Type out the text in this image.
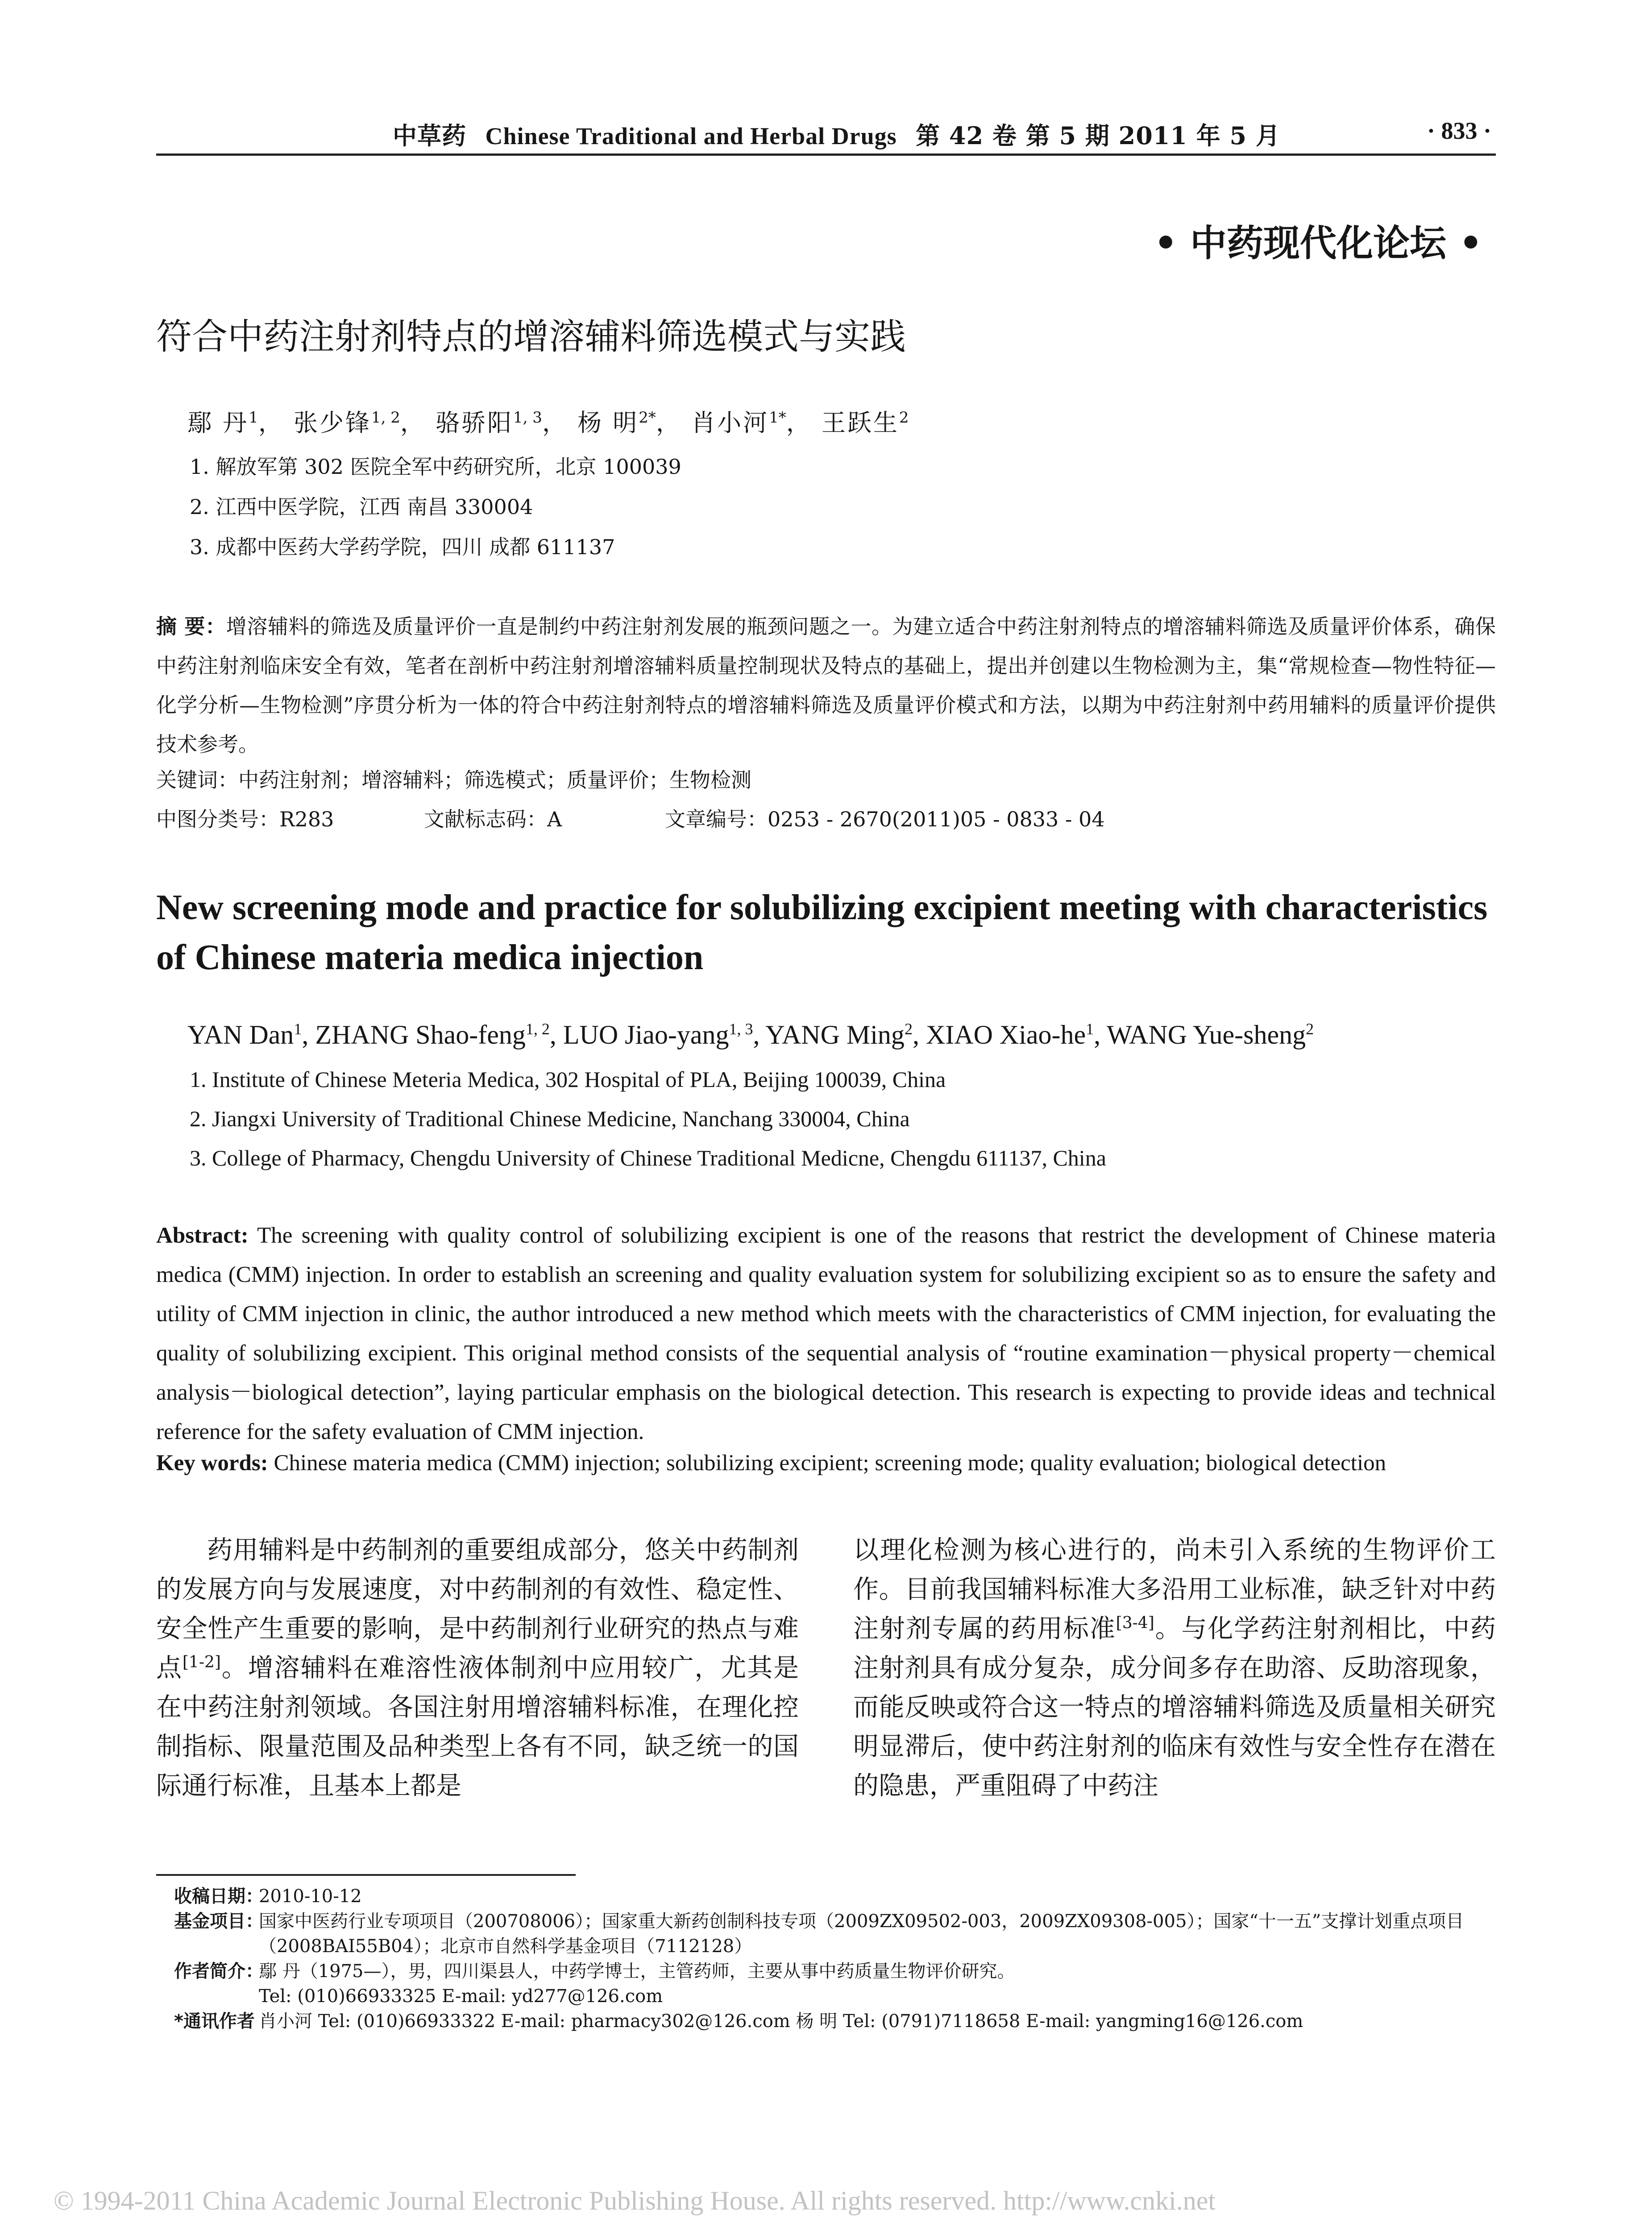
中草药 Chinese Traditional and Herbal Drugs 第 42 卷 第 5 期 2011 年 5 月	· 833 ·
• 中药现代化论坛 •
符合中药注射剂特点的增溶辅料筛选模式与实践
鄢 丹$^1$， 张少锋$^{1, 2}$， 骆骄阳$^{1, 3}$， 杨 明$^{2*}$， 肖小河$^{1*}$， 王跃生$^2$
1. 解放军第 302 医院全军中药研究所，北京 100039
2. 江西中医学院，江西 南昌 330004
3. 成都中医药大学药学院，四川 成都 611137
摘 要：增溶辅料的筛选及质量评价一直是制约中药注射剂发展的瓶颈问题之一。为建立适合中药注射剂特点的增溶辅料筛选及质量评价体系，确保中药注射剂临床安全有效，笔者在剖析中药注射剂增溶辅料质量控制现状及特点的基础上，提出并创建以生物检测为主，集“常规检查—物性特征—化学分析—生物检测”序贯分析为一体的符合中药注射剂特点的增溶辅料筛选及质量评价模式和方法，以期为中药注射剂中药用辅料的质量评价提供技术参考。
关键词：中药注射剂；增溶辅料；筛选模式；质量评价；生物检测
中图分类号：R283	文献标志码：A	文章编号：0253 - 2670(2011)05 - 0833 - 04
New screening mode and practice for solubilizing excipient meeting with characteristics of Chinese materia medica injection
YAN Dan$^1$, ZHANG Shao-feng$^{1, 2}$, LUO Jiao-yang$^{1, 3}$, YANG Ming$^2$, XIAO Xiao-$he^1$, WANG Yue-sheng$^2$
1. Institute of Chinese Meteria Medica, 302 Hospital of PLA, Beijing 100039, China
2. Jiangxi University of Traditional Chinese Medicine, Nanchang 330004, China
3. College of Pharmacy, Chengdu University of Chinese Traditional Medicne, Chengdu 611137, China
Abstract: The screening with quality control of solubilizing excipient is one of the reasons that restrict the development of Chinese materia medica (CMM) injection. In order to establish an screening and quality evaluation system for solubilizing excipient so as to ensure the safety and utility of CMM injection in clinic, the author introduced a new method which meets with the characteristics of CMM injection, for evaluating the quality of solubilizing excipient. This original method consists of the sequential analysis of “routine examination－physical property－chemical analysis－biological detection”, laying particular emphasis on the biological detection. This research is expecting to provide ideas and technical reference for the safety evaluation of CMM injection.
Key words: Chinese materia medica (CMM) injection; solubilizing excipient; screening mode; quality evaluation; biological detection
药用辅料是中药制剂的重要组成部分，悠关中药制剂的发展方向与发展速度，对中药制剂的有效性、稳定性、安全性产生重要的影响，是中药制剂行业研究的热点与难点[1-2]。增溶辅料在难溶性液体制剂中应用较广，尤其是在中药注射剂领域。各国注射用增溶辅料标准，在理化控制指标、限量范围及品种类型上各有不同，缺乏统一的国际通行标准，且基本上都是
以理化检测为核心进行的，尚未引入系统的生物评价工作。目前我国辅料标准大多沿用工业标准，缺乏针对中药注射剂专属的药用标准[3-4]。与化学药注射剂相比，中药注射剂具有成分复杂，成分间多存在助溶、反助溶现象，而能反映或符合这一特点的增溶辅料筛选及质量相关研究明显滞后，使中药注射剂的临床有效性与安全性存在潜在的隐患，严重阻碍了中药注
收稿日期：
2010-10-12
基金项目：
国家中医药行业专项项目（200708006）；国家重大新药创制科技专项（2009ZX09502-003，2009ZX09308-005）；国家“十一五”支撑计划重点项目（2008BAI55B04）；北京市自然科学基金项目（7112128）
作者简介：
鄢 丹（1975—），男，四川渠县人，中药学博士，主管药师，主要从事中药质量生物评价研究。
Tel: (010)66933325 E-mail: yd277@126.com
*通讯作者 肖小河 Tel: (010)66933322 E-mail: pharmacy302@126.com 杨 明 Tel: (0791)7118658 E-mail: yangming16@126.com
© 1994-2011 China Academic Journal Electronic Publishing House. All rights reserved. http://www.cnki.net
